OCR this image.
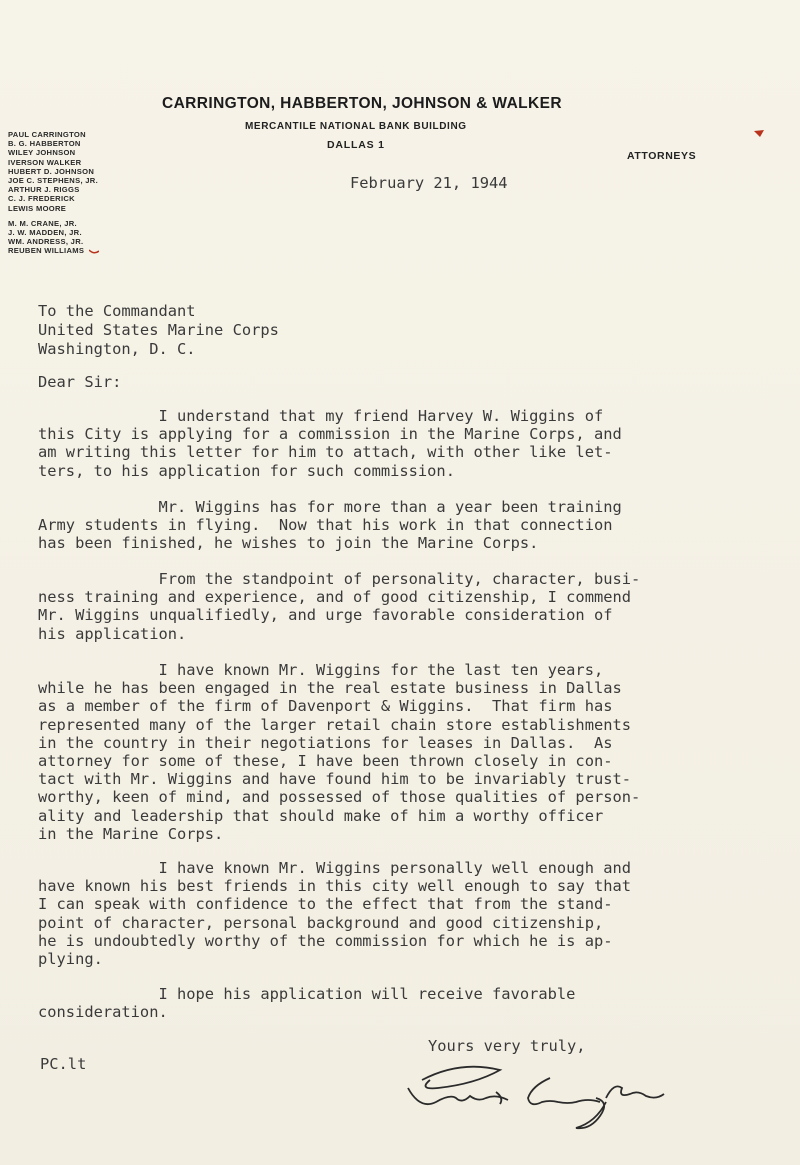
CARRINGTON, HABBERTON, JOHNSON & WALKER
MERCANTILE NATIONAL BANK BUILDING
DALLAS 1
ATTORNEYS
PAUL CARRINGTON
B. G. HABBERTON
WILEY JOHNSON
IVERSON WALKER
HUBERT D. JOHNSON
JOE C. STEPHENS, JR.
ARTHUR J. RIGGS
C. J. FREDERICK
LEWIS MOORE
M. M. CRANE, JR.
J. W. MADDEN, JR.
WM. ANDRESS, JR.
REUBEN WILLIAMS
February 21, 1944
To the Commandant
United States Marine Corps
Washington, D. C.
Dear Sir:
I understand that my friend Harvey W. Wiggins of
this City is applying for a commission in the Marine Corps, and
am writing this letter for him to attach, with other like let-
ters, to his application for such commission.
Mr. Wiggins has for more than a year been training
Army students in flying.  Now that his work in that connection
has been finished, he wishes to join the Marine Corps.
From the standpoint of personality, character, busi-
ness training and experience, and of good citizenship, I commend
Mr. Wiggins unqualifiedly, and urge favorable consideration of
his application.
I have known Mr. Wiggins for the last ten years,
while he has been engaged in the real estate business in Dallas
as a member of the firm of Davenport & Wiggins.  That firm has
represented many of the larger retail chain store establishments
in the country in their negotiations for leases in Dallas.  As
attorney for some of these, I have been thrown closely in con-
tact with Mr. Wiggins and have found him to be invariably trust-
worthy, keen of mind, and possessed of those qualities of person-
ality and leadership that should make of him a worthy officer
in the Marine Corps.
I have known Mr. Wiggins personally well enough and
have known his best friends in this city well enough to say that
I can speak with confidence to the effect that from the stand-
point of character, personal background and good citizenship,
he is undoubtedly worthy of the commission for which he is ap-
plying.
I hope his application will receive favorable
consideration.
Yours very truly,
PC.lt
